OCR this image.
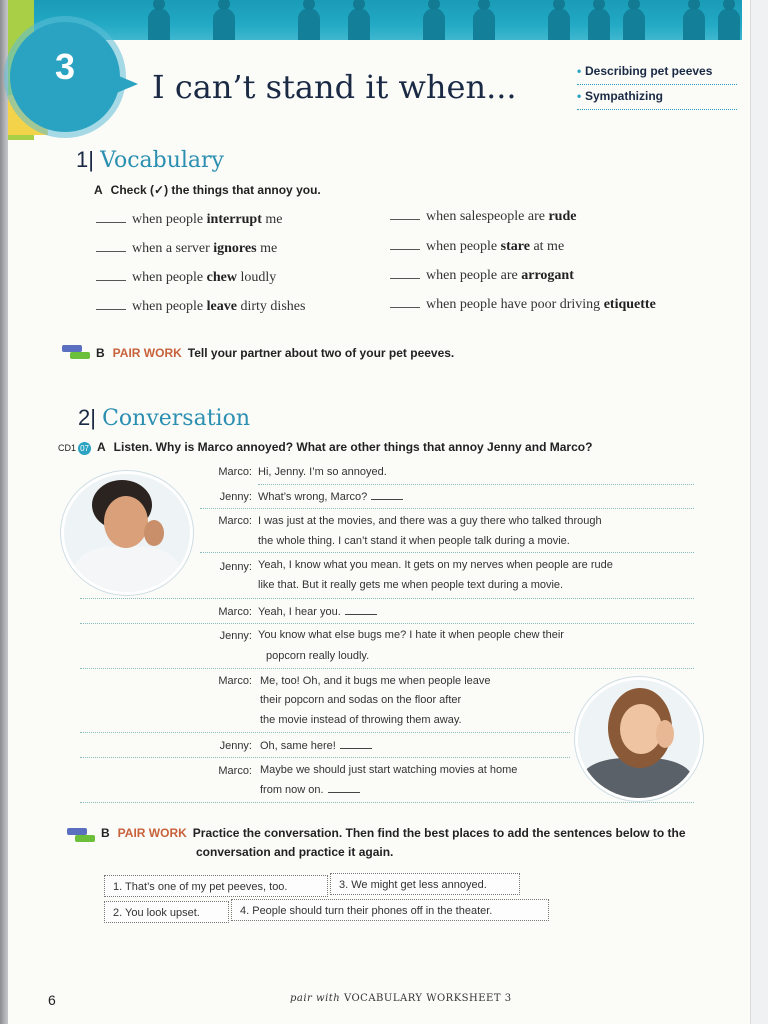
3	I can’t stand it when...
•	Describing pet peeves
• Sympathizing
1| Vocabulary
A Check (✓) the things that annoy you.
when people interrupt me
when a server ignores me
when people chew loudly
when people leave dirty dishes
when salespeople are rude
when people stare at me
when people are arrogant
when people have poor driving etiquette
B PAIR WORK Tell your partner about two of your pet peeves.
2| Conversation
CD1 07 A Listen. Why is Marco annoyed? What are other things that annoy Jenny and Marco?
Marco: Hi, Jenny. I’m so annoyed.
Jenny: What’s wrong, Marco?
Marco: I was just at the movies, and there was a guy there who talked through
the whole thing. I can’t stand it when people talk during a movie.
Jenny: Yeah, I know what you mean. It gets on my nerves when people are rude
like that. But it really gets me when people text during a movie.
Marco: Yeah, I hear you.
Jenny: You know what else bugs me? I hate it when people chew their
popcorn really loudly.
Marco: Me, too! Oh, and it bugs me when people leave
their popcorn and sodas on the floor after
the movie instead of throwing them away.
Jenny: Oh, same here!
Marco: Maybe we should just start watching movies at home
from now on.
B PAIR WORK Practice the conversation. Then find the best places to add the sentences below to the
conversation and practice it again.
1. That’s one of my pet peeves, too.	3. We might get less annoyed.
2. You look upset.	4. People should turn their phones off in the theater.
6	pair with VOCABULARY WORKSHEET 3
